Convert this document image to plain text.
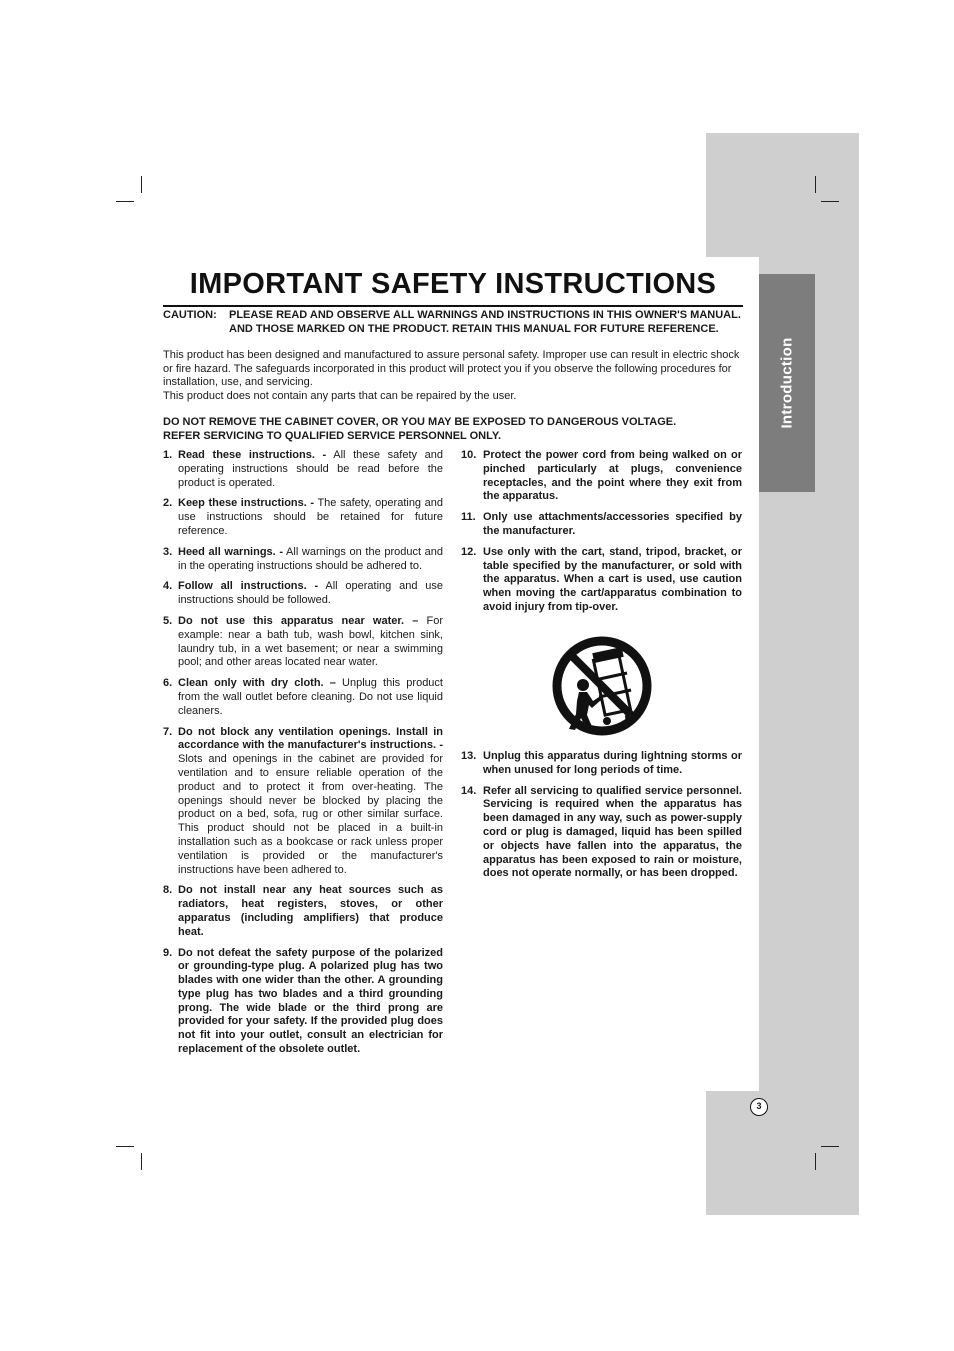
Introduction
IMPORTANT SAFETY INSTRUCTIONS
CAUTION:	PLEASE READ AND OBSERVE ALL WARNINGS AND INSTRUCTIONS IN THIS OWNER'S MANUAL. AND THOSE MARKED ON THE PRODUCT. RETAIN THIS MANUAL FOR FUTURE REFERENCE.

This product has been designed and manufactured to assure personal safety. Improper use can result in electric shock or fire hazard. The safeguards incorporated in this product will protect you if you observe the following procedures for installation, use, and servicing.

This product does not contain any parts that can be repaired by the user.

DO NOT REMOVE THE CABINET COVER, OR YOU MAY BE EXPOSED TO DANGEROUS VOLTAGE.

REFER SERVICING TO QUALIFIED SERVICE PERSONNEL ONLY.

1. Read these instructions. - All these safety and operating instructions should be read before the product is operated.
2. Keep these instructions. - The safety, operating and use instructions should be retained for future reference.
3. Heed all warnings. - All warnings on the product and in the operating instructions should be adhered to.
4. Follow all instructions. - All operating and use instructions should be followed.
5. Do not use this apparatus near water. – For example: near a bath tub, wash bowl, kitchen sink, laundry tub, in a wet basement; or near a swimming pool; and other areas located near water.
6. Clean only with dry cloth. – Unplug this product from the wall outlet before cleaning. Do not use liquid cleaners.
7. Do not block any ventilation openings. Install in accordance with the manufacturer's instructions. - Slots and openings in the cabinet are provided for ventilation and to ensure reliable operation of the product and to protect it from over-heating. The openings should never be blocked by placing the product on a bed, sofa, rug or other similar surface. This product should not be placed in a built-in installation such as a bookcase or rack unless proper ventilation is provided or the manufacturer's instructions have been adhered to.
8. Do not install near any heat sources such as radiators, heat registers, stoves, or other apparatus (including amplifiers) that produce heat.
9. Do not defeat the safety purpose of the polarized or grounding-type plug. A polarized plug has two blades with one wider than the other. A grounding type plug has two blades and a third grounding prong. The wide blade or the third prong are provided for your safety. If the provided plug does not fit into your outlet, consult an electrician for replacement of the obsolete outlet.
10. Protect the power cord from being walked on or pinched particularly at plugs, convenience receptacles, and the point where they exit from the apparatus.
11. Only use attachments/accessories specified by the manufacturer.
12. Use only with the cart, stand, tripod, bracket, or table specified by the manufacturer, or sold with the apparatus. When a cart is used, use caution when moving the cart/apparatus combination to avoid injury from tip-over.
13. Unplug this apparatus during lightning storms or when unused for long periods of time.
14. Refer all servicing to qualified service personnel. Servicing is required when the apparatus has been damaged in any way, such as power-supply cord or plug is damaged, liquid has been spilled or objects have fallen into the apparatus, the apparatus has been exposed to rain or moisture, does not operate normally, or has been dropped.
3
